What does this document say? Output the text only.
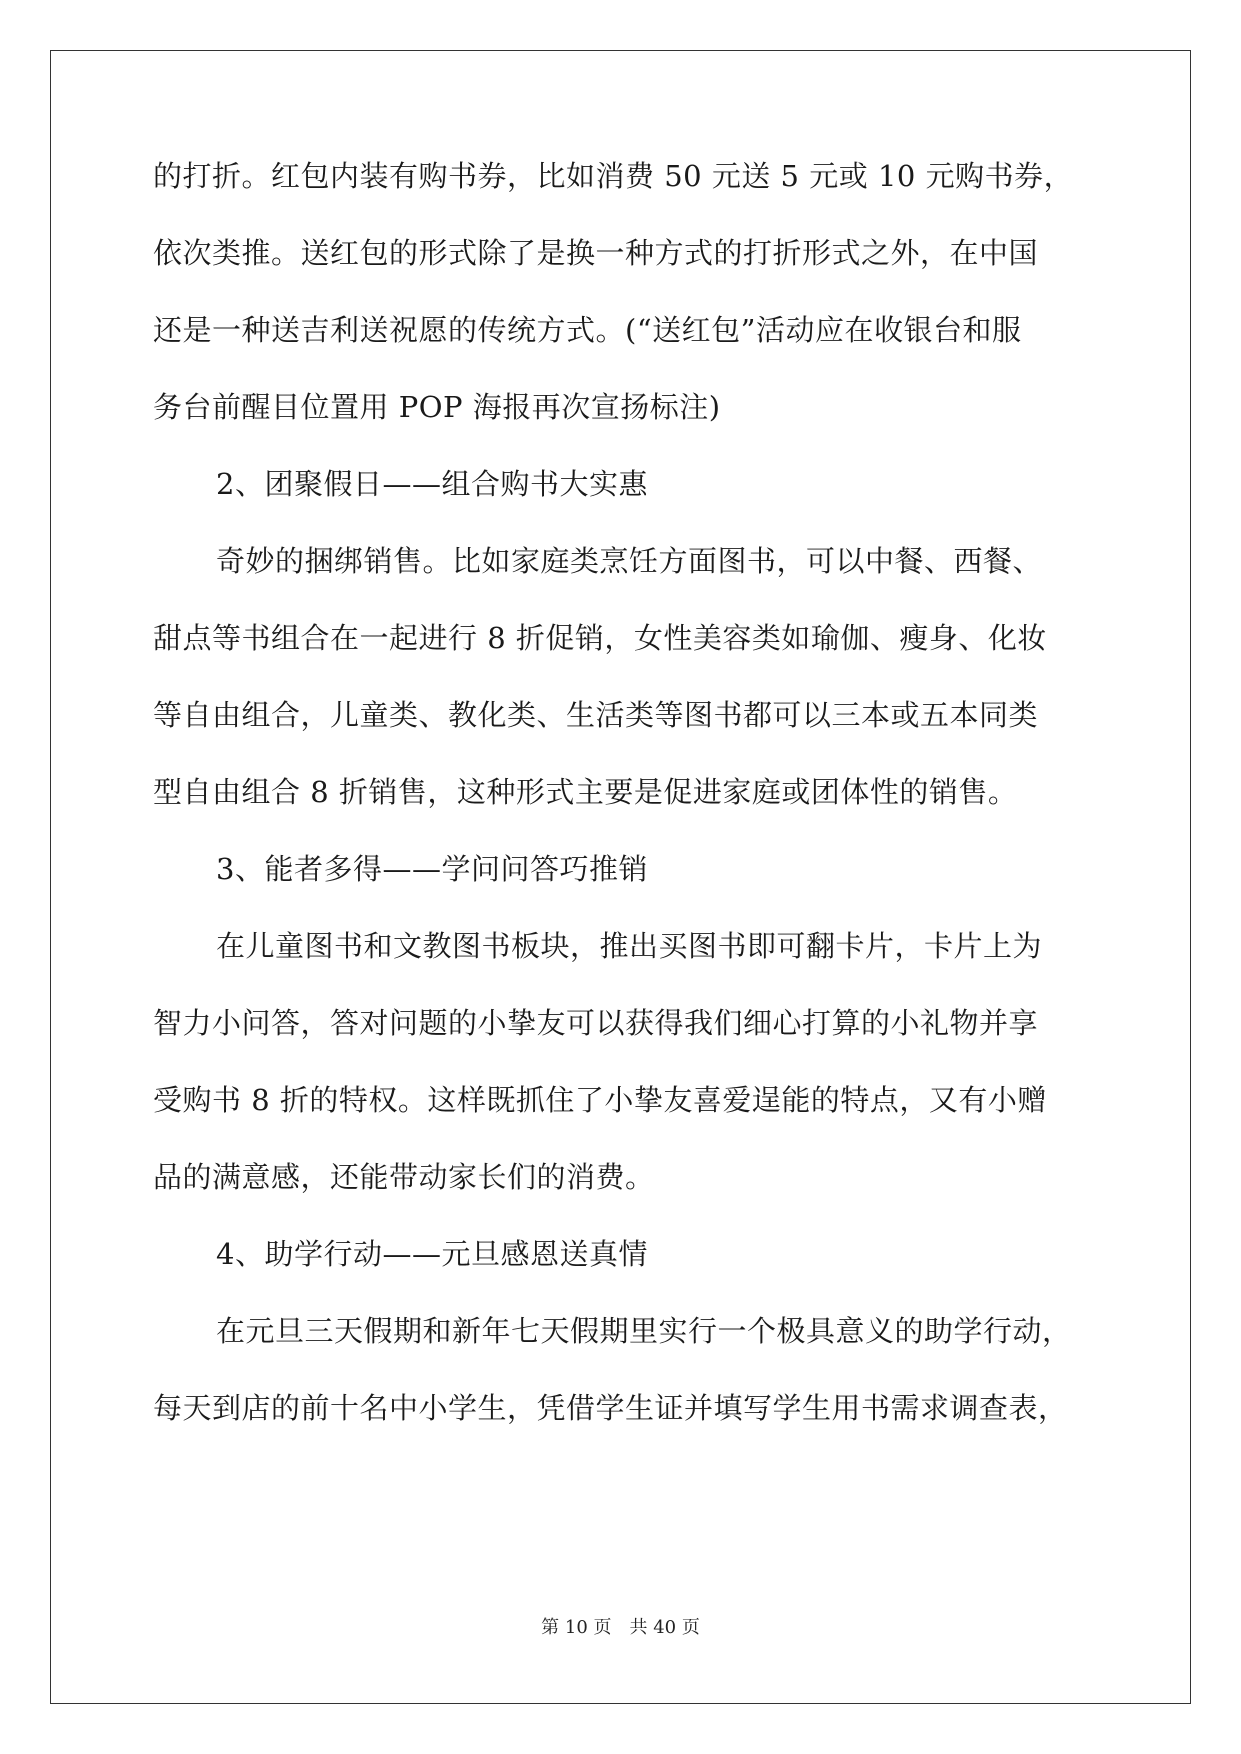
的打折。红包内装有购书券，比如消费 50 元送 5 元或 10 元购书券，
依次类推。送红包的形式除了是换一种方式的打折形式之外，在中国
还是一种送吉利送祝愿的传统方式。(“送红包”活动应在收银台和服
务台前醒目位置用 POP 海报再次宣扬标注)
2、团聚假日——组合购书大实惠
奇妙的捆绑销售。比如家庭类烹饪方面图书，可以中餐、西餐、
甜点等书组合在一起进行 8 折促销，女性美容类如瑜伽、瘦身、化妆
等自由组合，儿童类、教化类、生活类等图书都可以三本或五本同类
型自由组合 8 折销售，这种形式主要是促进家庭或团体性的销售。
3、能者多得——学问问答巧推销
在儿童图书和文教图书板块，推出买图书即可翻卡片，卡片上为
智力小问答，答对问题的小挚友可以获得我们细心打算的小礼物并享
受购书 8 折的特权。这样既抓住了小挚友喜爱逞能的特点，又有小赠
品的满意感，还能带动家长们的消费。
4、助学行动——元旦感恩送真情
在元旦三天假期和新年七天假期里实行一个极具意义的助学行动，
每天到店的前十名中小学生，凭借学生证并填写学生用书需求调查表，
第 10 页 共 40 页
